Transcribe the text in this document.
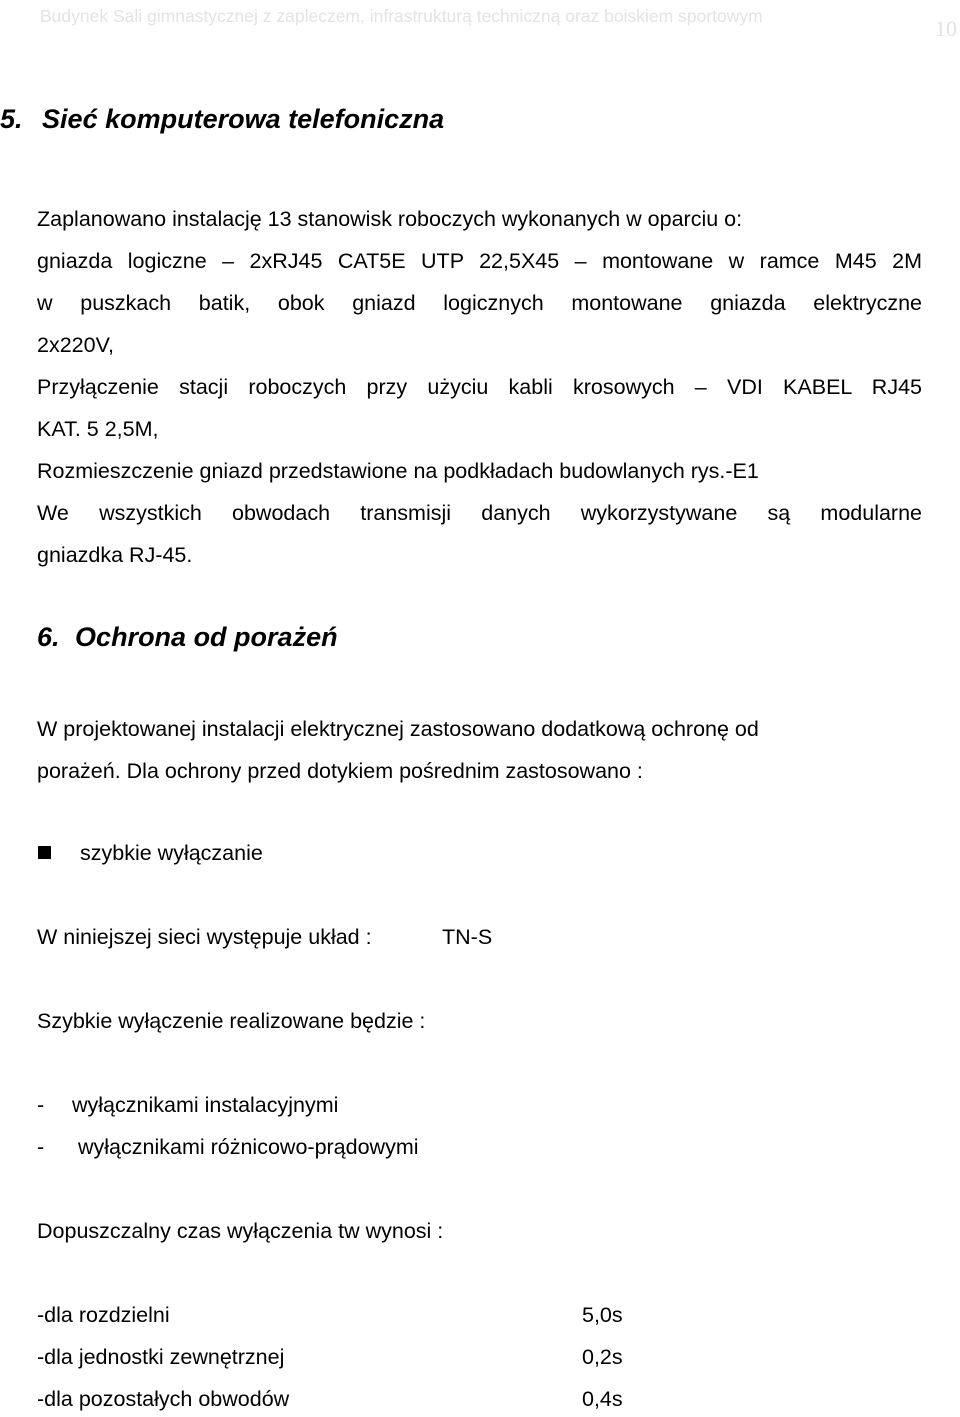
Budynek Sali gimnastycznej z zapleczem, infrastrukturą techniczną oraz boiskiem sportowym	10
5. Sieć komputerowa telefoniczna
Zaplanowano instalację 13 stanowisk roboczych wykonanych w oparciu o:
gniazda logiczne – 2xRJ45 CAT5E UTP 22,5X45 – montowane w ramce M45 2M
w puszkach batik, obok gniazd logicznych montowane gniazda elektryczne
2x220V,
Przyłączenie stacji roboczych przy użyciu kabli krosowych – VDI KABEL RJ45
KAT. 5 2,5M,
Rozmieszczenie gniazd przedstawione na podkładach budowlanych rys.-E1
We wszystkich obwodach transmisji danych wykorzystywane są modularne
gniazdka RJ-45.
6. Ochrona od porażeń
W projektowanej instalacji elektrycznej zastosowano dodatkową ochronę od
porażeń. Dla ochrony przed dotykiem pośrednim zastosowano :
szybkie wyłączanie
W niniejszej sieci występuje układ :	TN-S
Szybkie wyłączenie realizowane będzie :
- wyłącznikami instalacyjnymi
- wyłącznikami różnicowo-prądowymi
Dopuszczalny czas wyłączenia tw wynosi :
-dla rozdzielni	5,0s
-dla jednostki zewnętrznej	0,2s
-dla pozostałych obwodów	0,4s
